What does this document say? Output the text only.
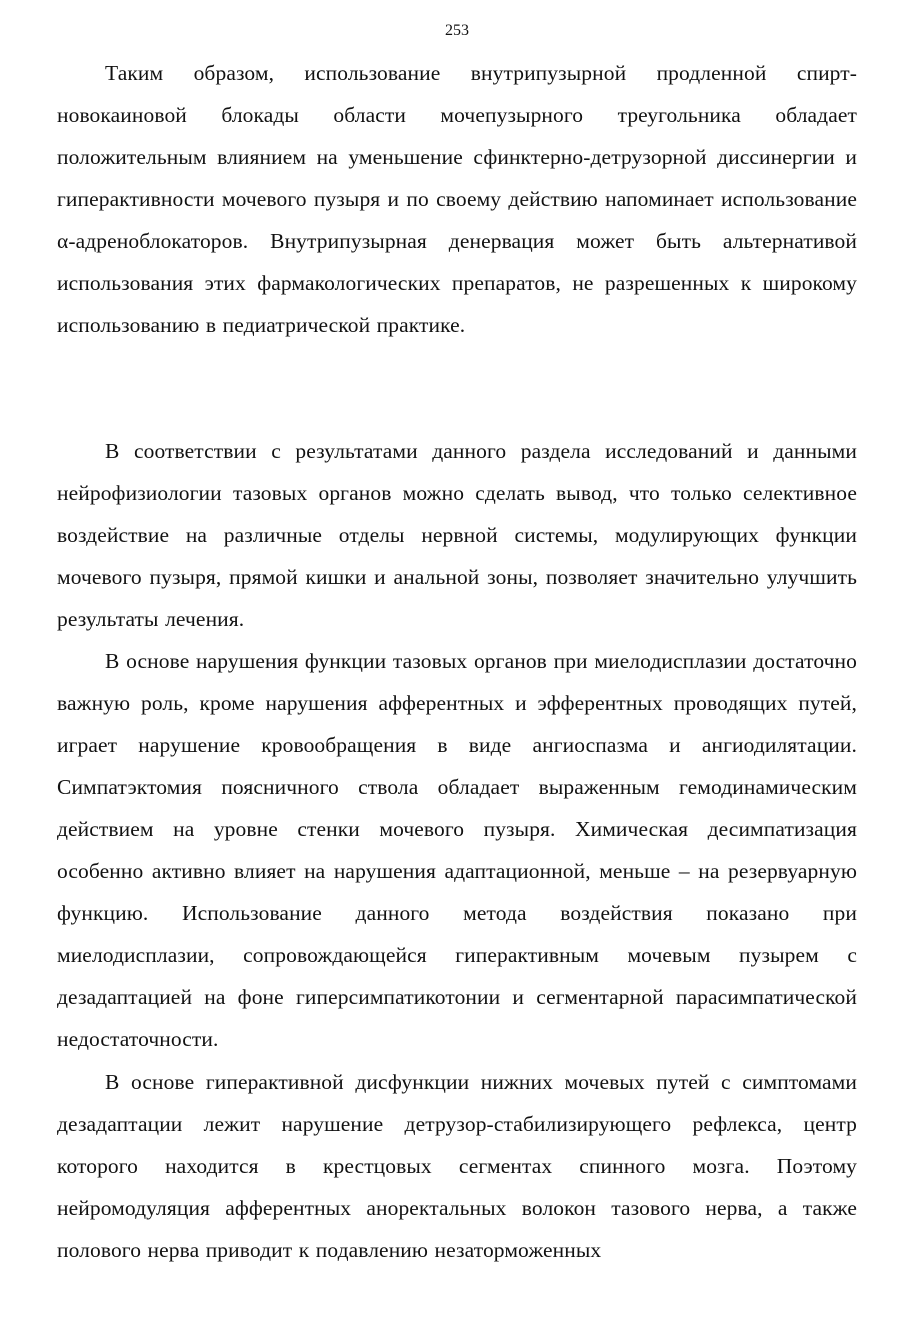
253

Таким образом, использование внутрипузырной продленной спирт-новокаиновой блокады области мочепузырного треугольника обладает положительным влиянием на уменьшение сфинктерно-детрузорной диссинергии и гиперактивности мочевого пузыря и по своему действию напоминает использование α-адреноблокаторов. Внутрипузырная денервация может быть альтернативой использования этих фармакологических препаратов, не разрешенных к широкому использованию в педиатрической практике.

В соответствии с результатами данного раздела исследований и данными нейрофизиологии тазовых органов можно сделать вывод, что только селективное воздействие на различные отделы нервной системы, модулирующих функции мочевого пузыря, прямой кишки и анальной зоны, позволяет значительно улучшить результаты лечения.

В основе нарушения функции тазовых органов при миелодисплазии достаточно важную роль, кроме нарушения афферентных и эфферентных проводящих путей, играет нарушение кровообращения в виде ангиоспазма и ангиодилятации. Симпатэктомия поясничного ствола обладает выраженным гемодинамическим действием на уровне стенки мочевого пузыря. Химическая десимпатизация особенно активно влияет на нарушения адаптационной, меньше – на резервуарную функцию. Использование данного метода воздействия показано при миелодисплазии, сопровождающейся гиперактивным мочевым пузырем с дезадаптацией на фоне гиперсимпатикотонии и сегментарной парасимпатической недостаточности.

В основе гиперактивной дисфункции нижних мочевых путей с симптомами дезадаптации лежит нарушение детрузор-стабилизирующего рефлекса, центр которого находится в крестцовых сегментах спинного мозга. Поэтому нейромодуляция афферентных аноректальных волокон тазового нерва, а также полового нерва приводит к подавлению незаторможенных
